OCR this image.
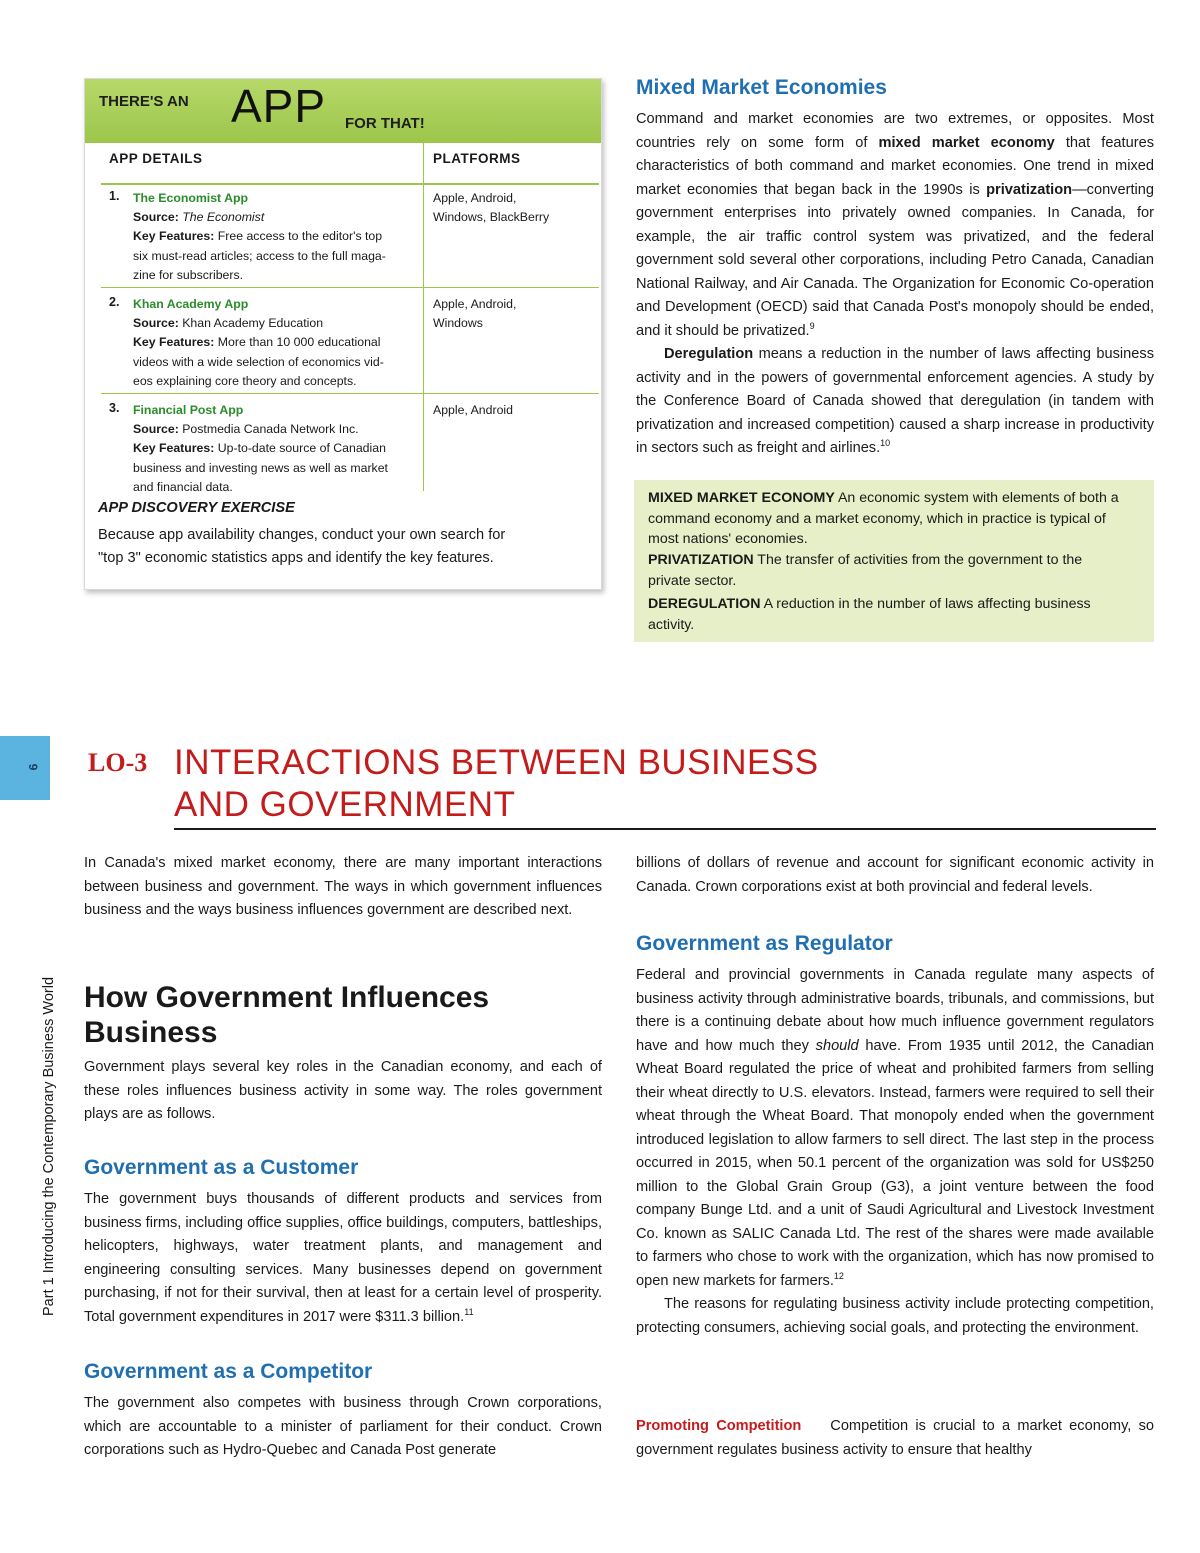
THERE'S AN APP FOR THAT!
APP DETAILS	PLATFORMS
1. The Economist App
Source: The Economist
Key Features: Free access to the editor's top
six must-read articles; access to the full maga-
zine for subscribers.
Apple, Android,
Windows, BlackBerry
2. Khan Academy App
Source: Khan Academy Education
Key Features: More than 10 000 educational
videos with a wide selection of economics vid-
eos explaining core theory and concepts.
Apple, Android,
Windows
3. Financial Post App
Source: Postmedia Canada Network Inc.
Key Features: Up-to-date source of Canadian
business and investing news as well as market
and financial data.
Apple, Android
APP DISCOVERY EXERCISE
Because app availability changes, conduct your own search for
"top 3" economic statistics apps and identify the key features.
Mixed Market Economies

Command and market economies are two extremes, or opposites. Most countries rely on some form of mixed market economy that features characteristics of both command and market economies. One trend in mixed market economies that began back in the 1990s is privatization—converting government enterprises into privately owned companies. In Canada, for example, the air traffic control system was privatized, and the federal government sold several other corporations, including Petro Canada, Canadian National Railway, and Air Canada. The Organization for Economic Co-operation and Development (OECD) said that Canada Post's monopoly should be ended, and it should be privatized.$^9$

Deregulation means a reduction in the number of laws affecting business activity and in the powers of governmental enforcement agencies. A study by the Conference Board of Canada showed that deregulation (in tandem with privatization and increased competition) caused a sharp increase in productivity in sectors such as freight and airlines.$^{10}$

MIXED MARKET ECONOMY An economic system with elements of both a command economy and a market economy, which in practice is typical of most nations' economies.
PRIVATIZATION The transfer of activities from the government to the private sector.
DEREGULATION A reduction in the number of laws affecting business activity.
6
Part 1 Introducing the Contemporary Business World
LO-3 INTERACTIONS BETWEEN BUSINESS
AND GOVERNMENT

In Canada's mixed market economy, there are many important interactions between business and government. The ways in which government influences business and the ways business influences government are described next.

How Government Influences
Business

Government plays several key roles in the Canadian economy, and each of these roles influences business activity in some way. The roles government plays are as follows.

Government as a Customer

The government buys thousands of different products and services from business firms, including office supplies, office buildings, computers, battleships, helicopters, highways, water treatment plants, and management and engineering consulting services. Many businesses depend on government purchasing, if not for their survival, then at least for a certain level of prosperity. Total government expenditures in 2017 were $311.3 billion.$^{11}$

Government as a Competitor

The government also competes with business through Crown corporations, which are accountable to a minister of parliament for their conduct. Crown corporations such as Hydro-Quebec and Canada Post generate

billions of dollars of revenue and account for significant economic activity in Canada. Crown corporations exist at both provincial and federal levels.

Government as Regulator

Federal and provincial governments in Canada regulate many aspects of business activity through administrative boards, tribunals, and commissions, but there is a continuing debate about how much influence government regulators have and how much they should have. From 1935 until 2012, the Canadian Wheat Board regulated the price of wheat and prohibited farmers from selling their wheat directly to U.S. elevators. Instead, farmers were required to sell their wheat through the Wheat Board. That monopoly ended when the government introduced legislation to allow farmers to sell direct. The last step in the process occurred in 2015, when 50.1 percent of the organization was sold for US$250 million to the Global Grain Group (G3), a joint venture between the food company Bunge Ltd. and a unit of Saudi Agricultural and Livestock Investment Co. known as SALIC Canada Ltd. The rest of the shares were made available to farmers who chose to work with the organization, which has now promised to open new markets for farmers.$^{12}$

The reasons for regulating business activity include protecting competition, protecting consumers, achieving social goals, and protecting the environment.

Promoting Competition Competition is crucial to a market economy, so government regulates business activity to ensure that healthy
